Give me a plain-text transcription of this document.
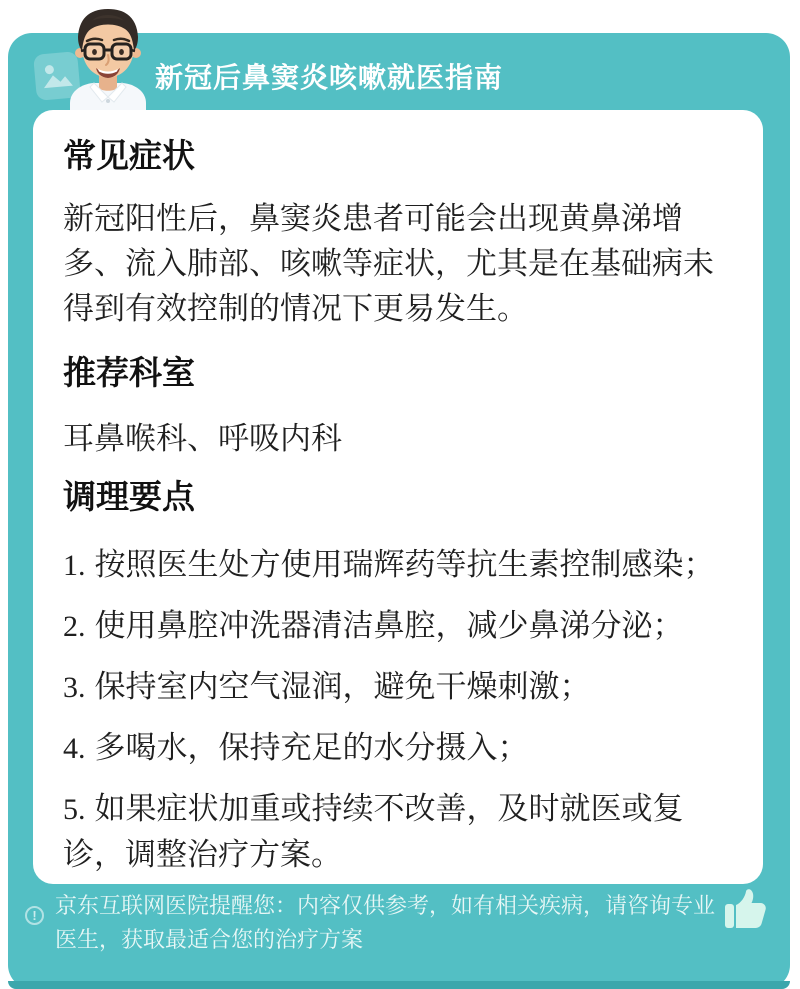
新冠后鼻窦炎咳嗽就医指南
常见症状

新冠阳性后，鼻窦炎患者可能会出现黄鼻涕增多、流入肺部、咳嗽等症状，尤其是在基础病未得到有效控制的情况下更易发生。

推荐科室

耳鼻喉科、呼吸内科

调理要点

1. 按照医生处方使用瑞辉药等抗生素控制感染；

2. 使用鼻腔冲洗器清洁鼻腔，减少鼻涕分泌；

3. 保持室内空气湿润，避免干燥刺激；

4. 多喝水，保持充足的水分摄入；

5. 如果症状加重或持续不改善，及时就医或复诊，调整治疗方案。

! 京东互联网医院提醒您：内容仅供参考，如有相关疾病，请咨询专业医生，获取最适合您的治疗方案
